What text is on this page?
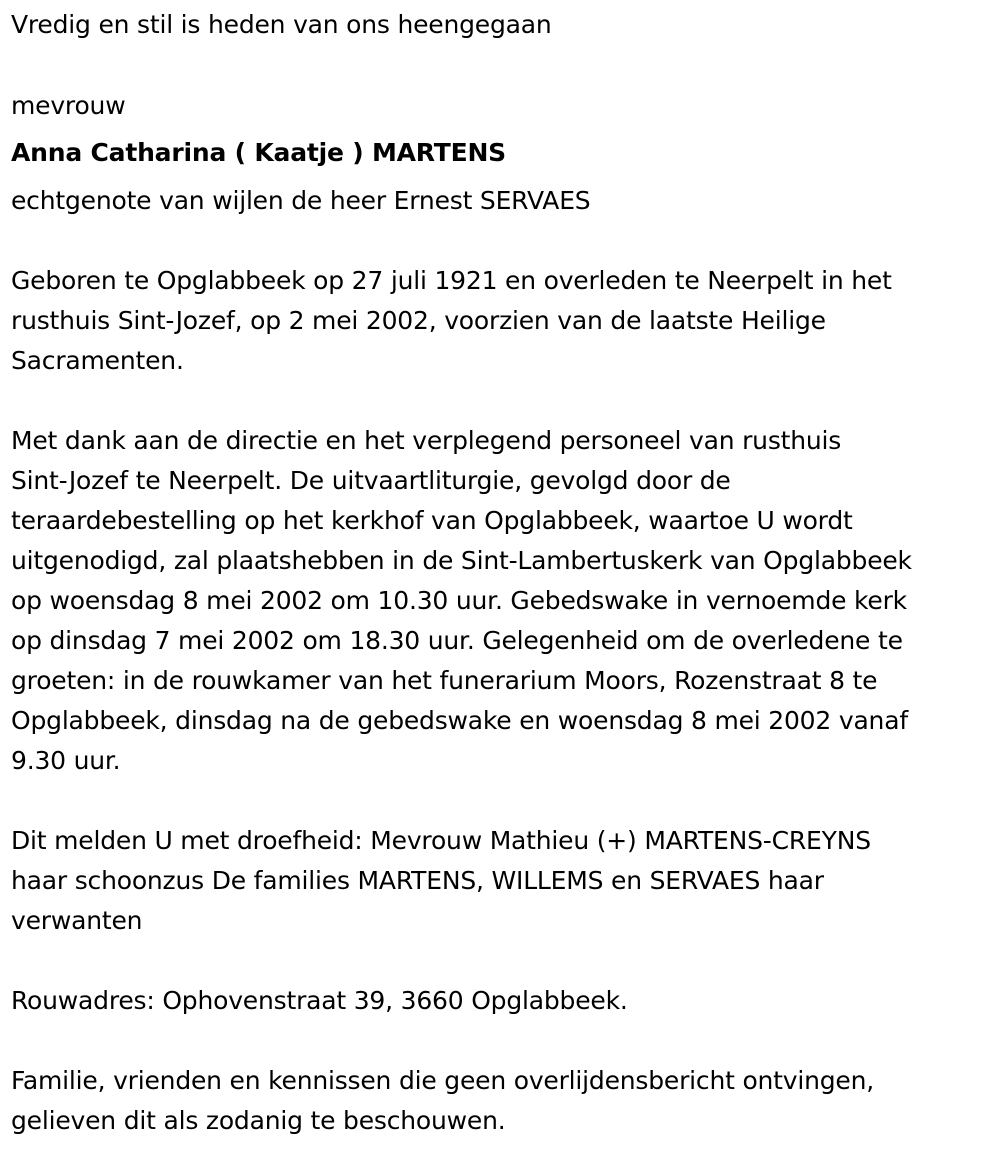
Vredig en stil is heden van ons heengegaan
mevrouw
Anna Catharina ( Kaatje ) MARTENS
echtgenote van wijlen de heer Ernest SERVAES
Geboren te Opglabbeek op 27 juli 1921 en overleden te Neerpelt in het
rusthuis Sint-Jozef, op 2 mei 2002, voorzien van de laatste Heilige
Sacramenten.
Met dank aan de directie en het verplegend personeel van rusthuis
Sint-Jozef te Neerpelt. De uitvaartliturgie, gevolgd door de
teraardebestelling op het kerkhof van Opglabbeek, waartoe U wordt
uitgenodigd, zal plaatshebben in de Sint-Lambertuskerk van Opglabbeek
op woensdag 8 mei 2002 om 10.30 uur. Gebedswake in vernoemde kerk
op dinsdag 7 mei 2002 om 18.30 uur. Gelegenheid om de overledene te
groeten: in de rouwkamer van het funerarium Moors, Rozenstraat 8 te
Opglabbeek, dinsdag na de gebedswake en woensdag 8 mei 2002 vanaf
9.30 uur.
Dit melden U met droefheid: Mevrouw Mathieu (+) MARTENS-CREYNS
haar schoonzus De families MARTENS, WILLEMS en SERVAES haar
verwanten
Rouwadres: Ophovenstraat 39, 3660 Opglabbeek.
Familie, vrienden en kennissen die geen overlijdensbericht ontvingen,
gelieven dit als zodanig te beschouwen.
